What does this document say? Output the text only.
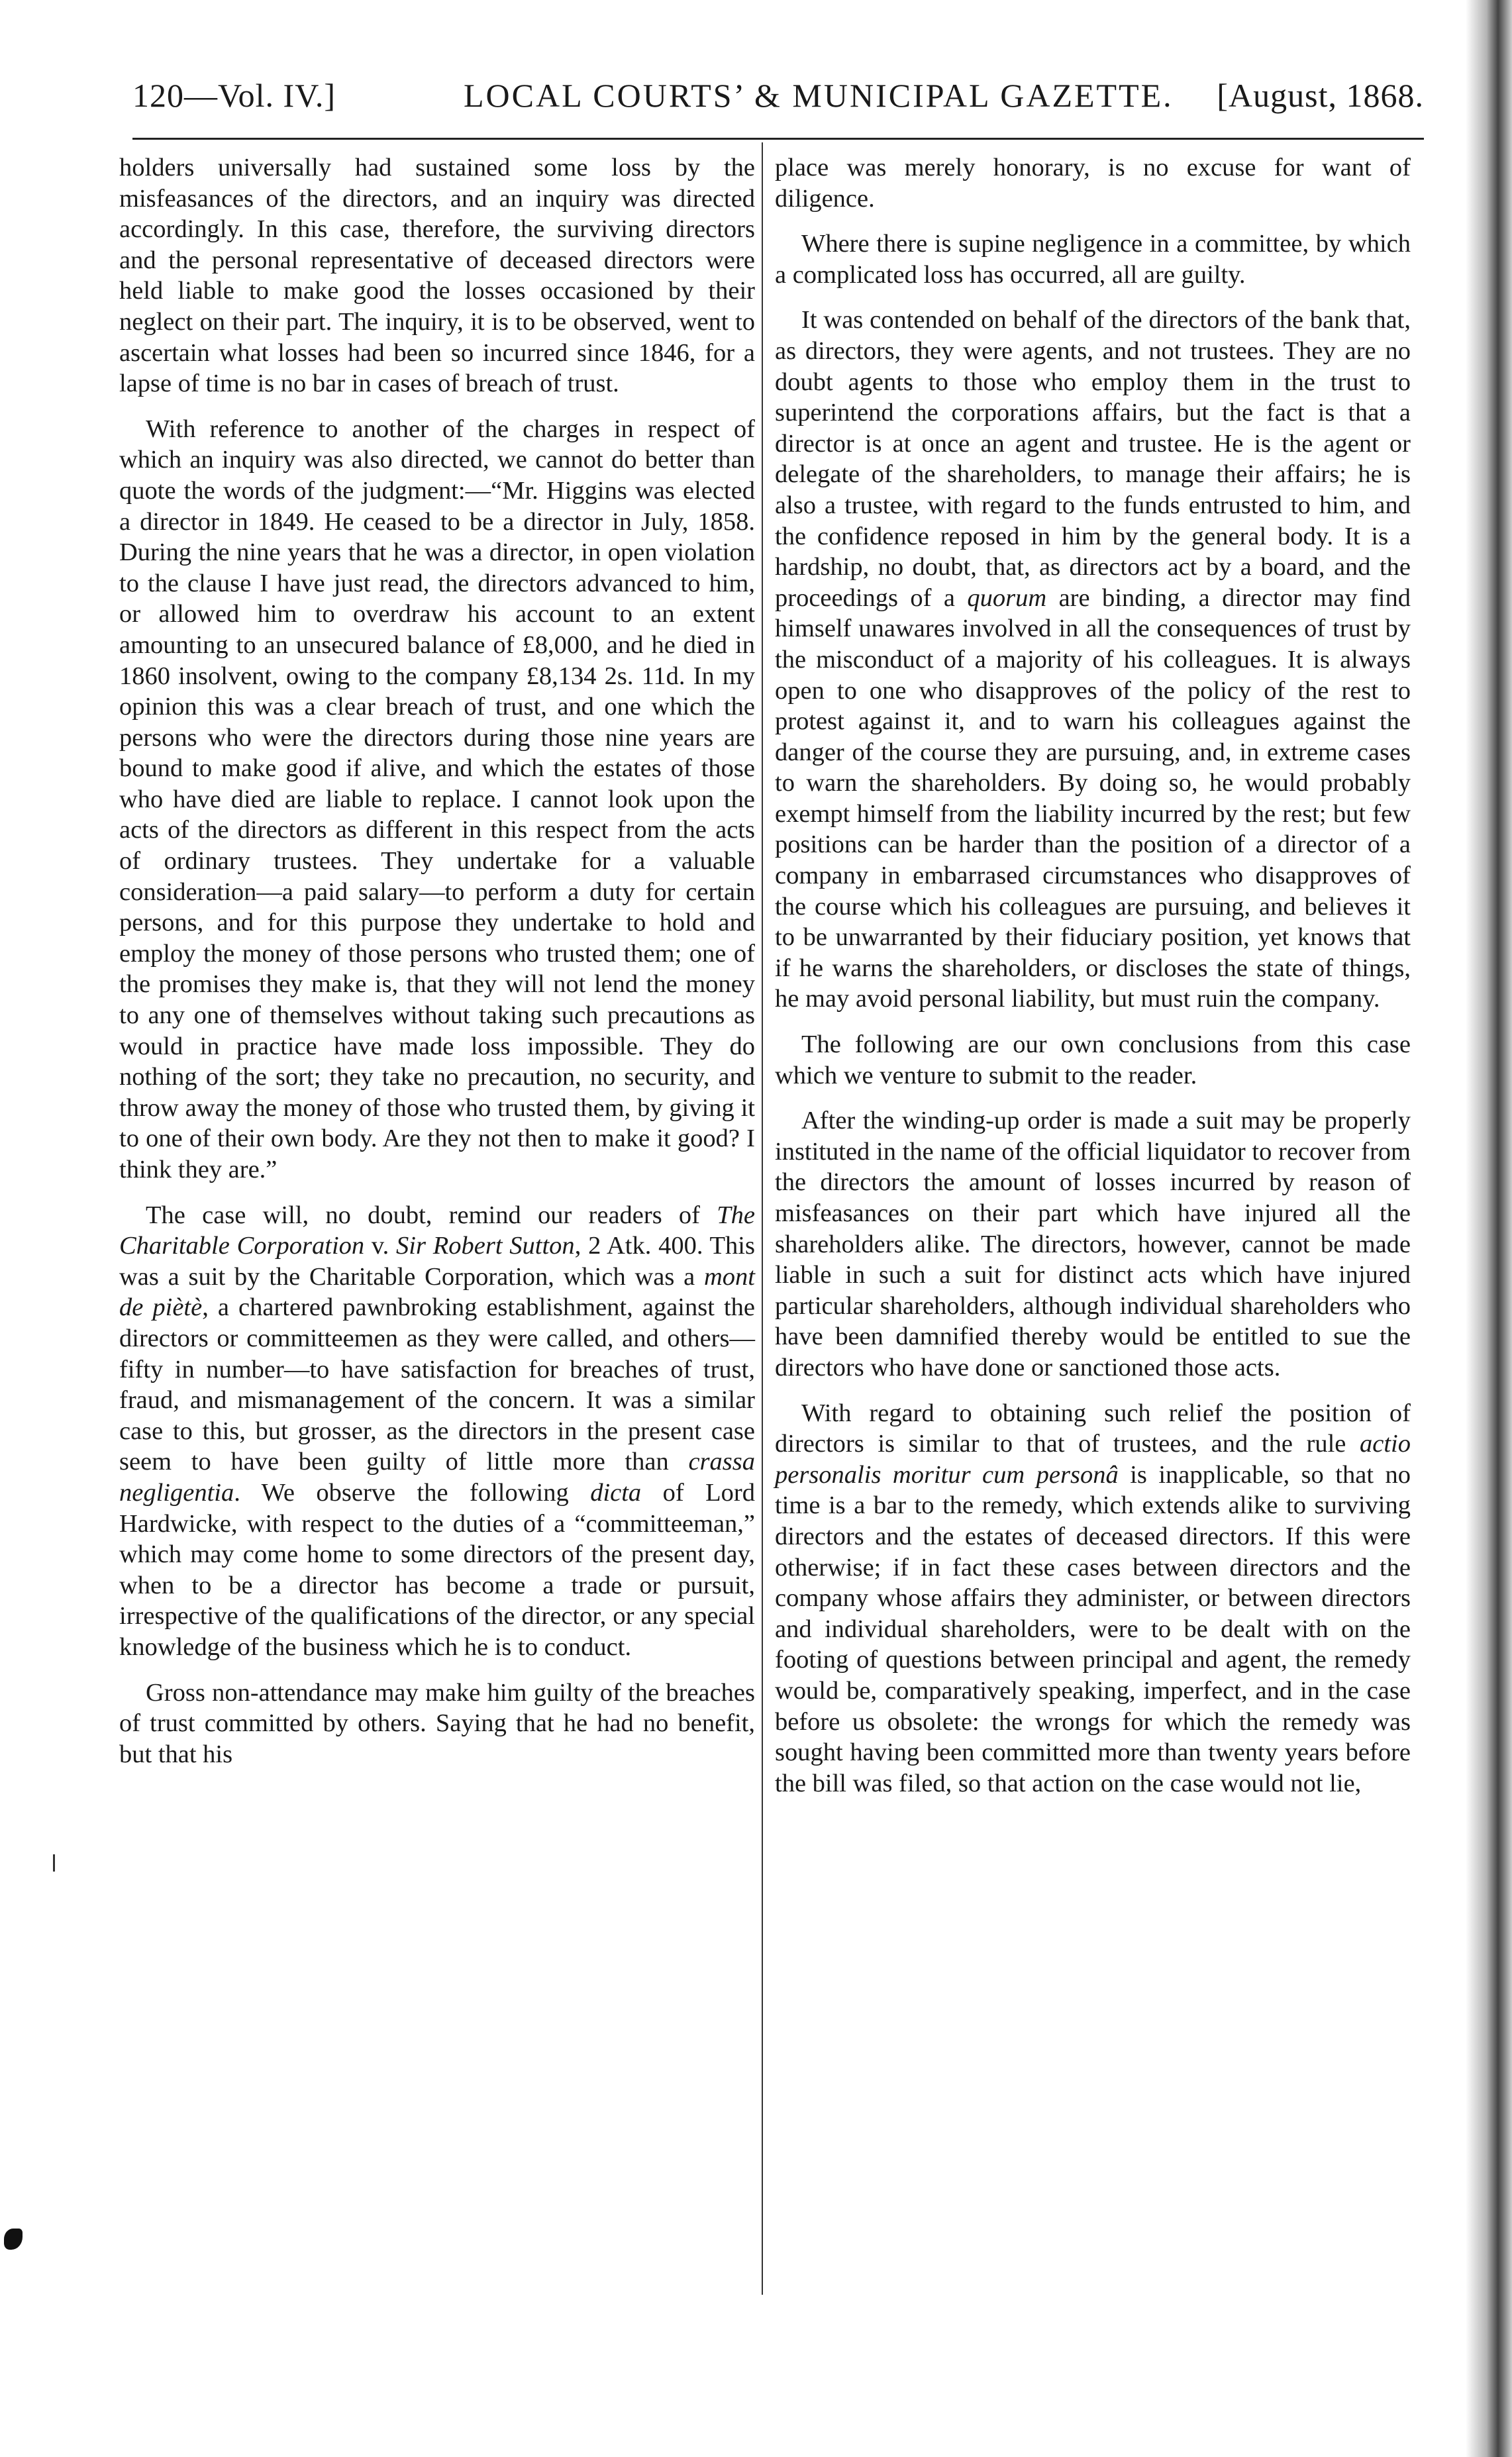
120—Vol. IV.]	LOCAL COURTS’ & MUNICIPAL GAZETTE. [August, 1868.

holders universally had sustained some loss by the misfeasances of the directors, and an inquiry was directed accordingly. In this case, therefore, the surviving directors and the personal representative of deceased directors were held liable to make good the losses occasioned by their neglect on their part. The inquiry, it is to be observed, went to ascertain what losses had been so incurred since 1846, for a lapse of time is no bar in cases of breach of trust.

With reference to another of the charges in respect of which an inquiry was also directed, we cannot do better than quote the words of the judgment:—“Mr. Higgins was elected a director in 1849. He ceased to be a director in July, 1858. During the nine years that he was a director, in open violation to the clause I have just read, the directors advanced to him, or allowed him to overdraw his account to an extent amounting to an unsecured balance of £8,000, and he died in 1860 insolvent, owing to the company £8,134 2s. 11d. In my opinion this was a clear breach of trust, and one which the persons who were the directors during those nine years are bound to make good if alive, and which the estates of those who have died are liable to replace. I cannot look upon the acts of the directors as different in this respect from the acts of ordinary trustees. They undertake for a valuable consideration—a paid salary—to perform a duty for certain persons, and for this purpose they undertake to hold and employ the money of those persons who trusted them; one of the promises they make is, that they will not lend the money to any one of themselves without taking such precautions as would in practice have made loss impossible. They do nothing of the sort; they take no precaution, no security, and throw away the money of those who trusted them, by giving it to one of their own body. Are they not then to make it good? I think they are.”

The case will, no doubt, remind our readers of The Charitable Corporation v. Sir Robert Sutton, 2 Atk. 400. This was a suit by the Charitable Corporation, which was a mont de piètè, a chartered pawnbroking establishment, against the directors or committeemen as they were called, and others—fifty in number—to have satisfaction for breaches of trust, fraud, and mismanagement of the concern. It was a similar case to this, but grosser, as the directors in the present case seem to have been guilty of little more than crassa negligentia. We observe the following dicta of Lord Hardwicke, with respect to the duties of a “committeeman,” which may come home to some directors of the present day, when to be a director has become a trade or pursuit, irrespective of the qualifications of the director, or any special knowledge of the business which he is to conduct.

Gross non-attendance may make him guilty of the breaches of trust committed by others. Saying that he had no benefit, but that his

place was merely honorary, is no excuse for want of diligence.

Where there is supine negligence in a committee, by which a complicated loss has occurred, all are guilty.

It was contended on behalf of the directors of the bank that, as directors, they were agents, and not trustees. They are no doubt agents to those who employ them in the trust to superintend the corporations affairs, but the fact is that a director is at once an agent and trustee. He is the agent or delegate of the shareholders, to manage their affairs; he is also a trustee, with regard to the funds entrusted to him, and the confidence reposed in him by the general body. It is a hardship, no doubt, that, as directors act by a board, and the proceedings of a quorum are binding, a director may find himself unawares involved in all the consequences of trust by the misconduct of a majority of his colleagues. It is always open to one who disapproves of the policy of the rest to protest against it, and to warn his colleagues against the danger of the course they are pursuing, and, in extreme cases to warn the shareholders. By doing so, he would probably exempt himself from the liability incurred by the rest; but few positions can be harder than the position of a director of a company in embarrased circumstances who disapproves of the course which his colleagues are pursuing, and believes it to be unwarranted by their fiduciary position, yet knows that if he warns the shareholders, or discloses the state of things, he may avoid personal liability, but must ruin the company.

The following are our own conclusions from this case which we venture to submit to the reader.

After the winding-up order is made a suit may be properly instituted in the name of the official liquidator to recover from the directors the amount of losses incurred by reason of misfeasances on their part which have injured all the shareholders alike. The directors, however, cannot be made liable in such a suit for distinct acts which have injured particular shareholders, although individual shareholders who have been damnified thereby would be entitled to sue the directors who have done or sanctioned those acts.

With regard to obtaining such relief the position of directors is similar to that of trustees, and the rule actio personalis moritur cum personâ is inapplicable, so that no time is a bar to the remedy, which extends alike to surviving directors and the estates of deceased directors. If this were otherwise; if in fact these cases between directors and the company whose affairs they administer, or between directors and individual shareholders, were to be dealt with on the footing of questions between principal and agent, the remedy would be, comparatively speaking, imperfect, and in the case before us obsolete: the wrongs for which the remedy was sought having been committed more than twenty years before the bill was filed, so that action on the case would not lie,
